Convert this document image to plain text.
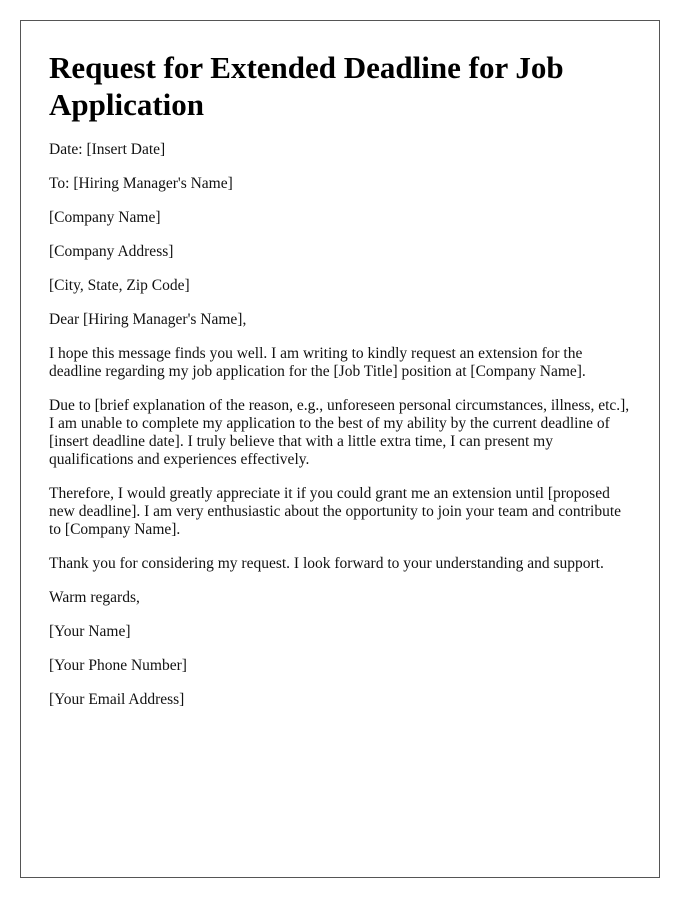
Request for Extended Deadline for Job Application

Date: [Insert Date]

To: [Hiring Manager's Name]

[Company Name]

[Company Address]

[City, State, Zip Code]

Dear [Hiring Manager's Name],

I hope this message finds you well. I am writing to kindly request an extension for the deadline regarding my job application for the [Job Title] position at [Company Name].

Due to [brief explanation of the reason, e.g., unforeseen personal circumstances, illness, etc.], I am unable to complete my application to the best of my ability by the current deadline of [insert deadline date]. I truly believe that with a little extra time, I can present my qualifications and experiences effectively.

Therefore, I would greatly appreciate it if you could grant me an extension until [proposed new deadline]. I am very enthusiastic about the opportunity to join your team and contribute to [Company Name].

Thank you for considering my request. I look forward to your understanding and support.

Warm regards,

[Your Name]

[Your Phone Number]

[Your Email Address]
